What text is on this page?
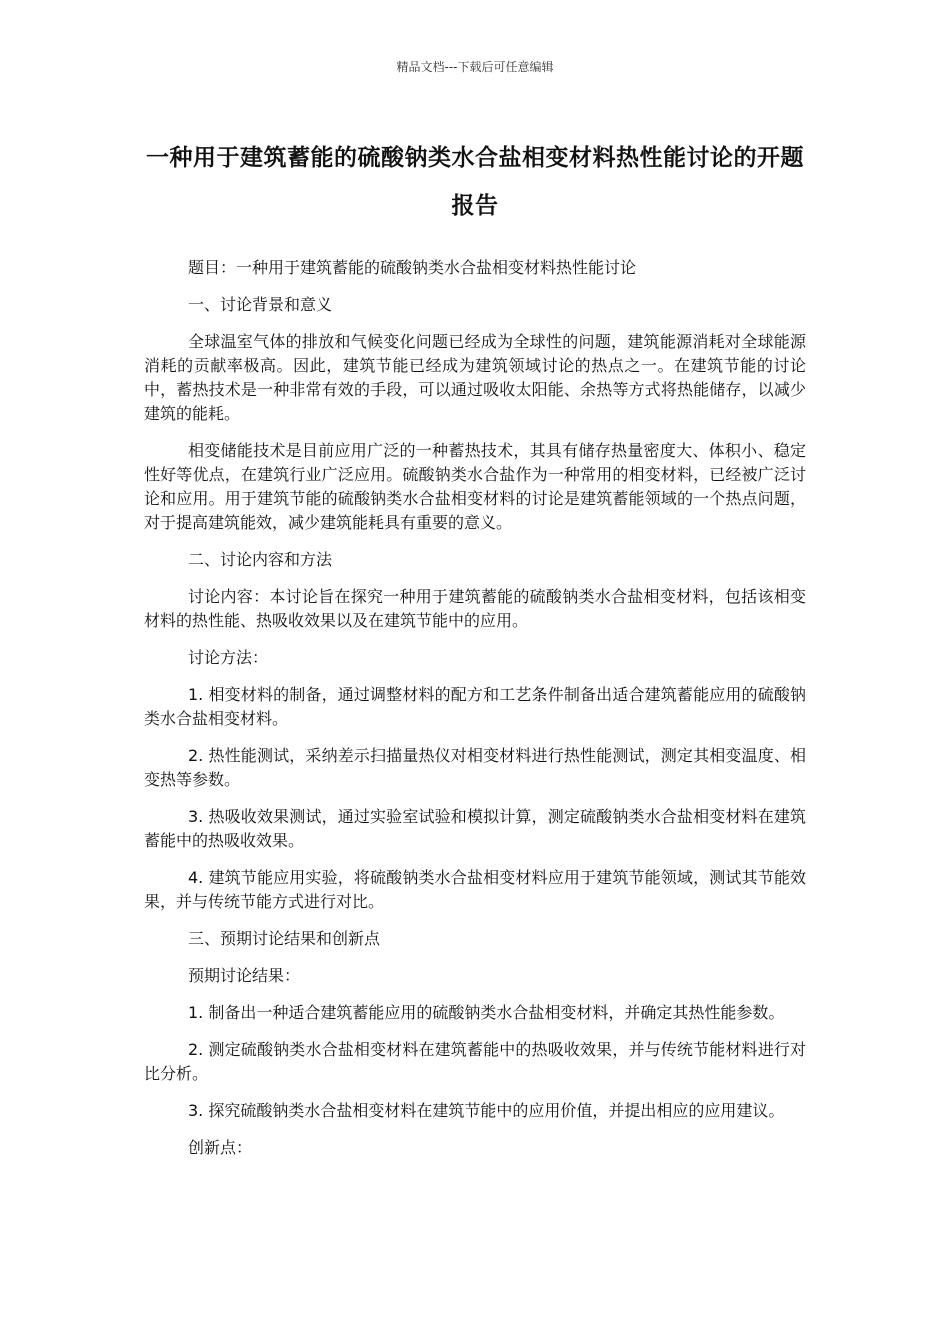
精品文档---下载后可任意编辑
一种用于建筑蓄能的硫酸钠类水合盐相变材料热性能讨论的开题报告

题目：一种用于建筑蓄能的硫酸钠类水合盐相变材料热性能讨论

一、讨论背景和意义

全球温室气体的排放和气候变化问题已经成为全球性的问题，建筑能源消耗对全球能源消耗的贡献率极高。因此，建筑节能已经成为建筑领域讨论的热点之一。在建筑节能的讨论中，蓄热技术是一种非常有效的手段，可以通过吸收太阳能、余热等方式将热能储存，以减少建筑的能耗。

相变储能技术是目前应用广泛的一种蓄热技术，其具有储存热量密度大、体积小、稳定性好等优点，在建筑行业广泛应用。硫酸钠类水合盐作为一种常用的相变材料，已经被广泛讨论和应用。用于建筑节能的硫酸钠类水合盐相变材料的讨论是建筑蓄能领域的一个热点问题，对于提高建筑能效，减少建筑能耗具有重要的意义。

二、讨论内容和方法

讨论内容：本讨论旨在探究一种用于建筑蓄能的硫酸钠类水合盐相变材料，包括该相变材料的热性能、热吸收效果以及在建筑节能中的应用。

讨论方法：

1. 相变材料的制备，通过调整材料的配方和工艺条件制备出适合建筑蓄能应用的硫酸钠类水合盐相变材料。

2. 热性能测试，采纳差示扫描量热仪对相变材料进行热性能测试，测定其相变温度、相变热等参数。

3. 热吸收效果测试，通过实验室试验和模拟计算，测定硫酸钠类水合盐相变材料在建筑蓄能中的热吸收效果。

4. 建筑节能应用实验，将硫酸钠类水合盐相变材料应用于建筑节能领域，测试其节能效果，并与传统节能方式进行对比。

三、预期讨论结果和创新点

预期讨论结果：

1. 制备出一种适合建筑蓄能应用的硫酸钠类水合盐相变材料，并确定其热性能参数。

2. 测定硫酸钠类水合盐相变材料在建筑蓄能中的热吸收效果，并与传统节能材料进行对比分析。

3. 探究硫酸钠类水合盐相变材料在建筑节能中的应用价值，并提出相应的应用建议。

创新点：
